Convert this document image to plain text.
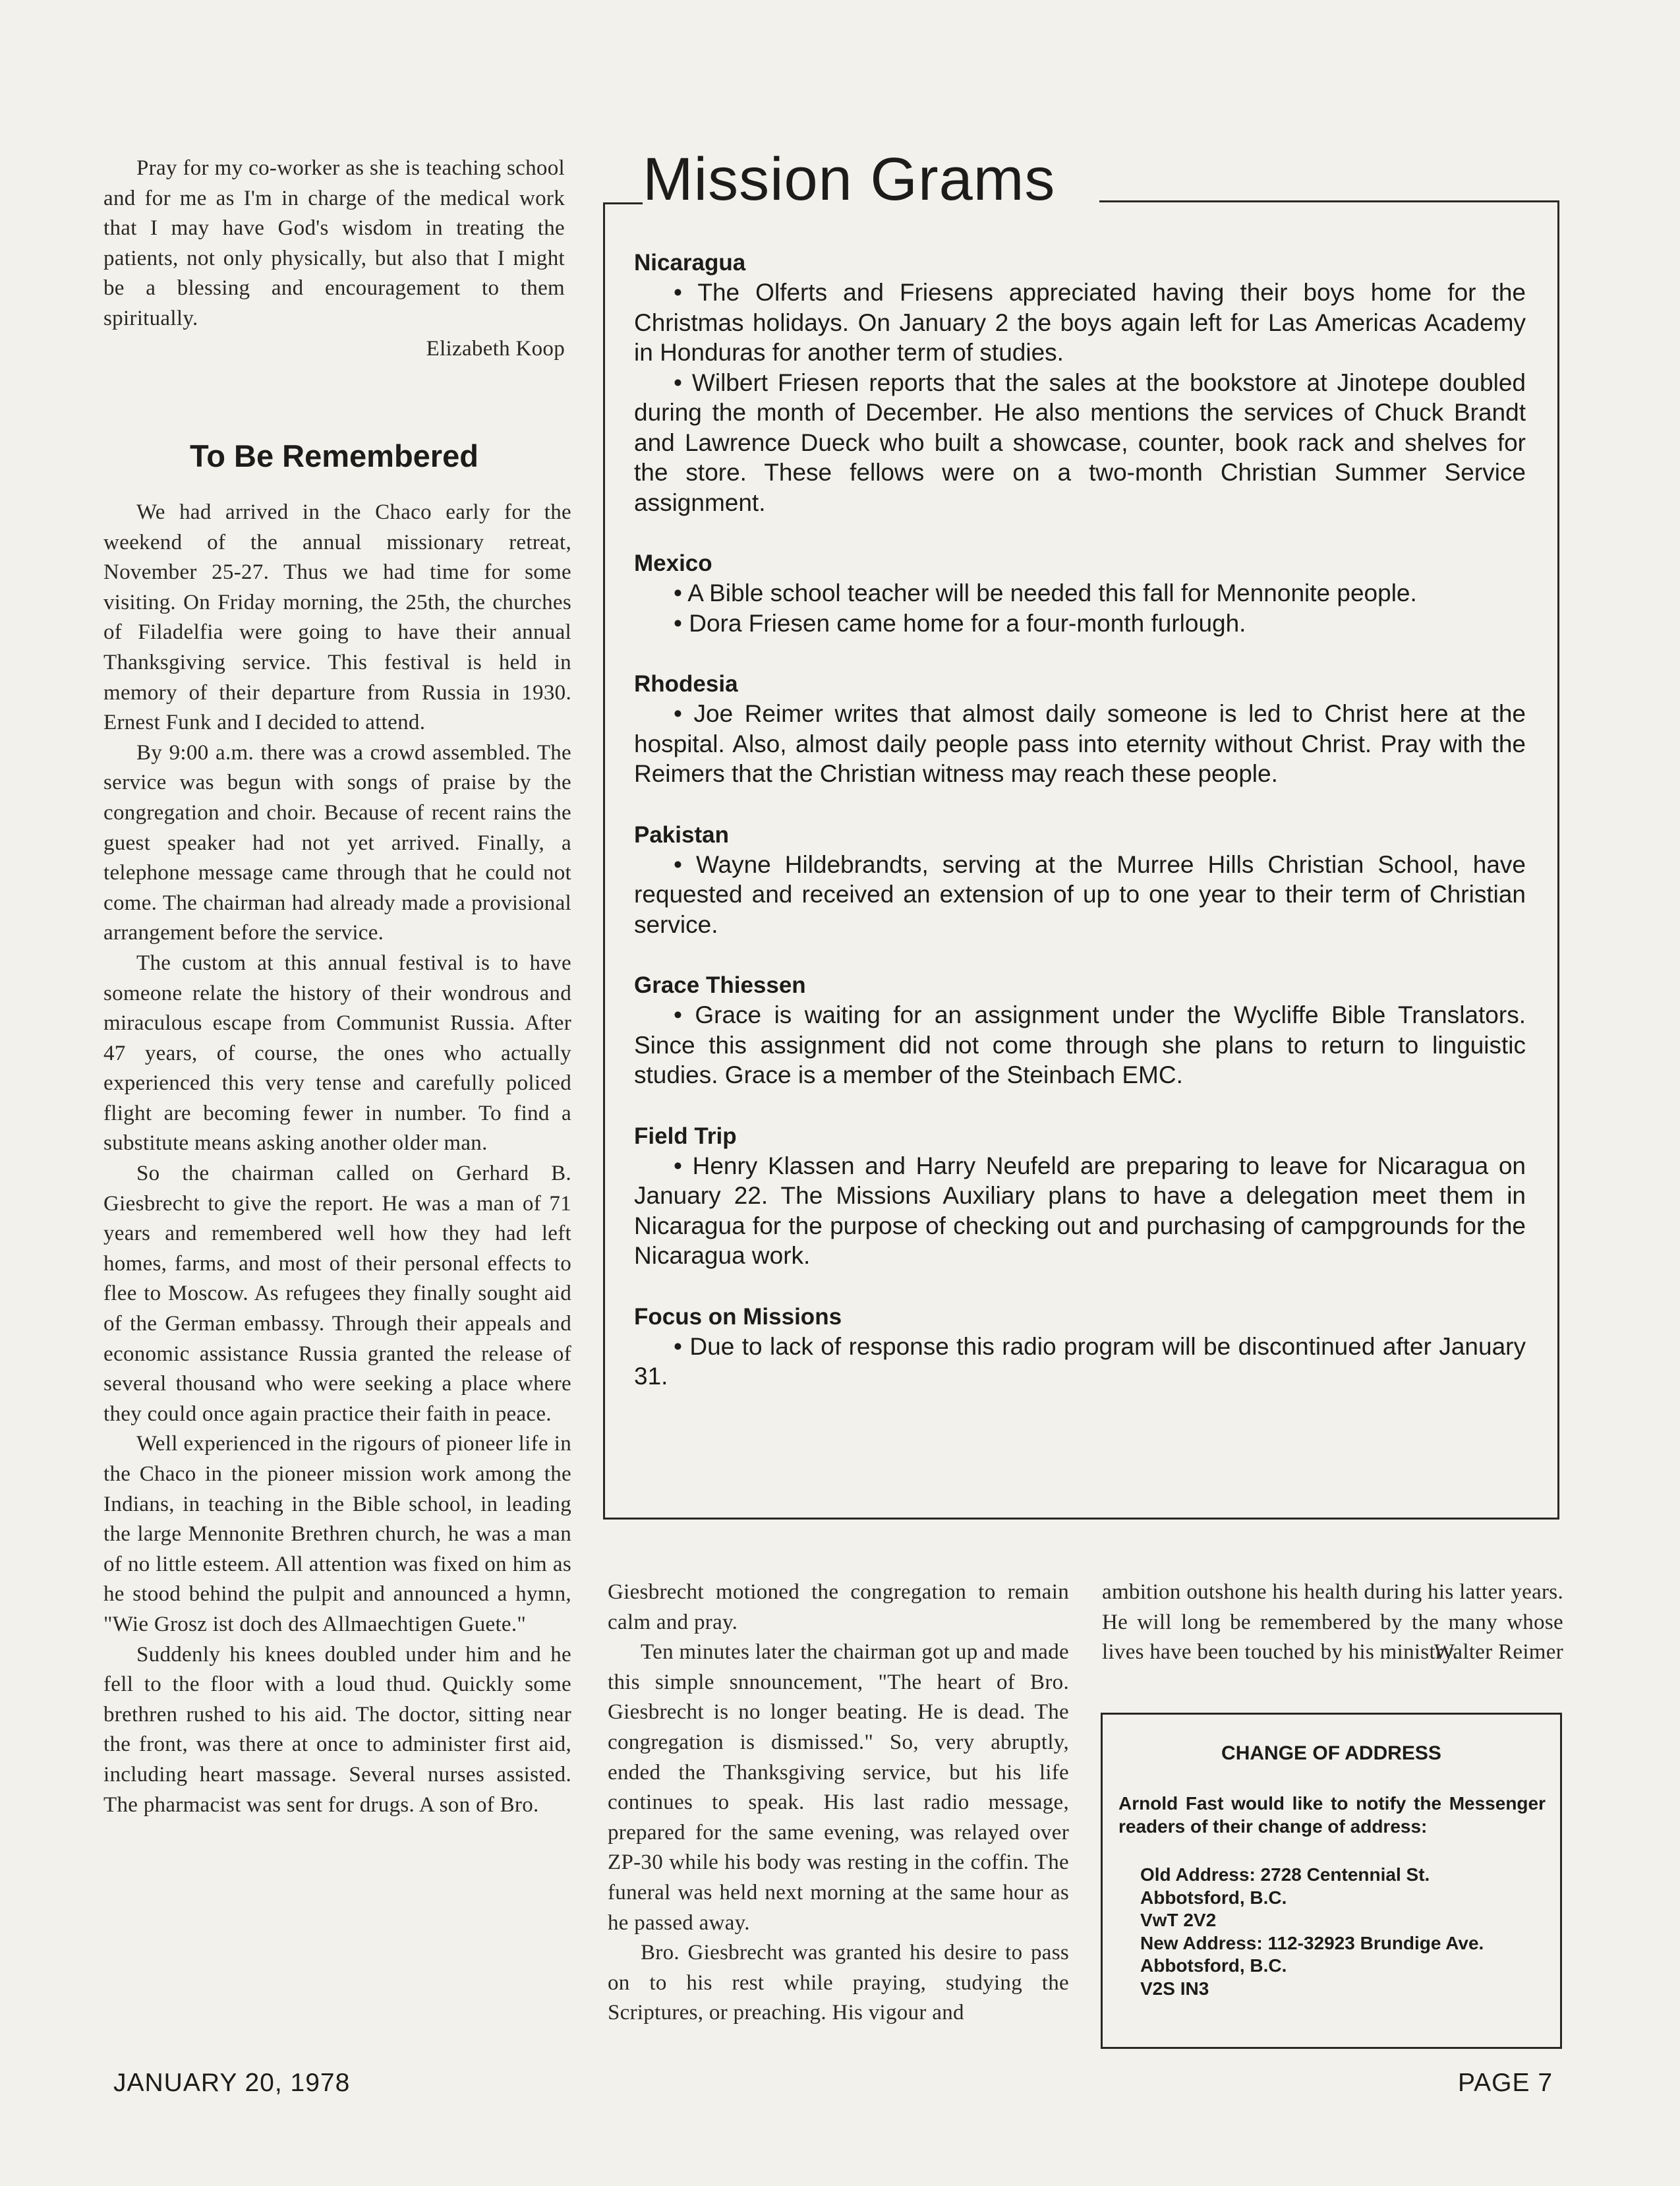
Pray for my co-worker as she is teaching school and for me as I'm in charge of the medical work that I may have God's wisdom in treating the patients, not only physically, but also that I might be a blessing and encouragement to them spiritually.

Elizabeth Koop
To Be Remembered

We had arrived in the Chaco early for the weekend of the annual missionary retreat, November 25-27. Thus we had time for some visiting. On Friday morning, the 25th, the churches of Filadelfia were going to have their annual Thanksgiving service. This festival is held in memory of their departure from Russia in 1930. Ernest Funk and I decided to attend.

By 9:00 a.m. there was a crowd assembled. The service was begun with songs of praise by the congregation and choir. Because of recent rains the guest speaker had not yet arrived. Finally, a telephone message came through that he could not come. The chairman had already made a provisional arrangement before the service.

The custom at this annual festival is to have someone relate the history of their wondrous and miraculous escape from Communist Russia. After 47 years, of course, the ones who actually experienced this very tense and carefully policed flight are becoming fewer in number. To find a substitute means asking another older man.

So the chairman called on Gerhard B. Giesbrecht to give the report. He was a man of 71 years and remembered well how they had left homes, farms, and most of their personal effects to flee to Moscow. As refugees they finally sought aid of the German embassy. Through their appeals and economic assistance Russia granted the release of several thousand who were seeking a place where they could once again practice their faith in peace.

Well experienced in the rigours of pioneer life in the Chaco in the pioneer mission work among the Indians, in teaching in the Bible school, in leading the large Mennonite Brethren church, he was a man of no little esteem. All attention was fixed on him as he stood behind the pulpit and announced a hymn, "Wie Grosz ist doch des Allmaechtigen Guete."

Suddenly his knees doubled under him and he fell to the floor with a loud thud. Quickly some brethren rushed to his aid. The doctor, sitting near the front, was there at once to administer first aid, including heart massage. Several nurses assisted. The pharmacist was sent for drugs. A son of Bro.

Mission Grams
Nicaragua

• The Olferts and Friesens appreciated having their boys home for the Christmas holidays. On January 2 the boys again left for Las Americas Academy in Honduras for another term of studies.

• Wilbert Friesen reports that the sales at the bookstore at Jinotepe doubled during the month of December. He also mentions the services of Chuck Brandt and Lawrence Dueck who built a showcase, counter, book rack and shelves for the store. These fellows were on a two-month Christian Summer Service assignment.

Mexico

• A Bible school teacher will be needed this fall for Mennonite people.

• Dora Friesen came home for a four-month furlough.

Rhodesia

• Joe Reimer writes that almost daily someone is led to Christ here at the hospital. Also, almost daily people pass into eternity without Christ. Pray with the Reimers that the Christian witness may reach these people.

Pakistan

• Wayne Hildebrandts, serving at the Murree Hills Christian School, have requested and received an extension of up to one year to their term of Christian service.

Grace Thiessen

• Grace is waiting for an assignment under the Wycliffe Bible Translators. Since this assignment did not come through she plans to return to linguistic studies. Grace is a member of the Steinbach EMC.

Field Trip

• Henry Klassen and Harry Neufeld are preparing to leave for Nicaragua on January 22. The Missions Auxiliary plans to have a delegation meet them in Nicaragua for the purpose of checking out and purchasing of campgrounds for the Nicaragua work.

Focus on Missions

• Due to lack of response this radio program will be discontinued after January 31.

Giesbrecht motioned the congregation to remain calm and pray.

Ten minutes later the chairman got up and made this simple snnouncement, "The heart of Bro. Giesbrecht is no longer beating. He is dead. The congregation is dismissed." So, very abruptly, ended the Thanksgiving service, but his life continues to speak. His last radio message, prepared for the same evening, was relayed over ZP-30 while his body was resting in the coffin. The funeral was held next morning at the same hour as he passed away.

Bro. Giesbrecht was granted his desire to pass on to his rest while praying, studying the Scriptures, or preaching. His vigour and

ambition outshone his health during his latter years. He will long be remembered by the many whose lives have been touched by his ministry.

Walter Reimer
CHANGE OF ADDRESS
Arnold Fast would like to notify the Messenger readers of their change of address:
Old Address: 2728 Centennial St.
Abbotsford, B.C.
VwT 2V2
New Address: 112-32923 Brundige Ave.
Abbotsford, B.C.
V2S IN3
JANUARY 20, 1978	PAGE 7
